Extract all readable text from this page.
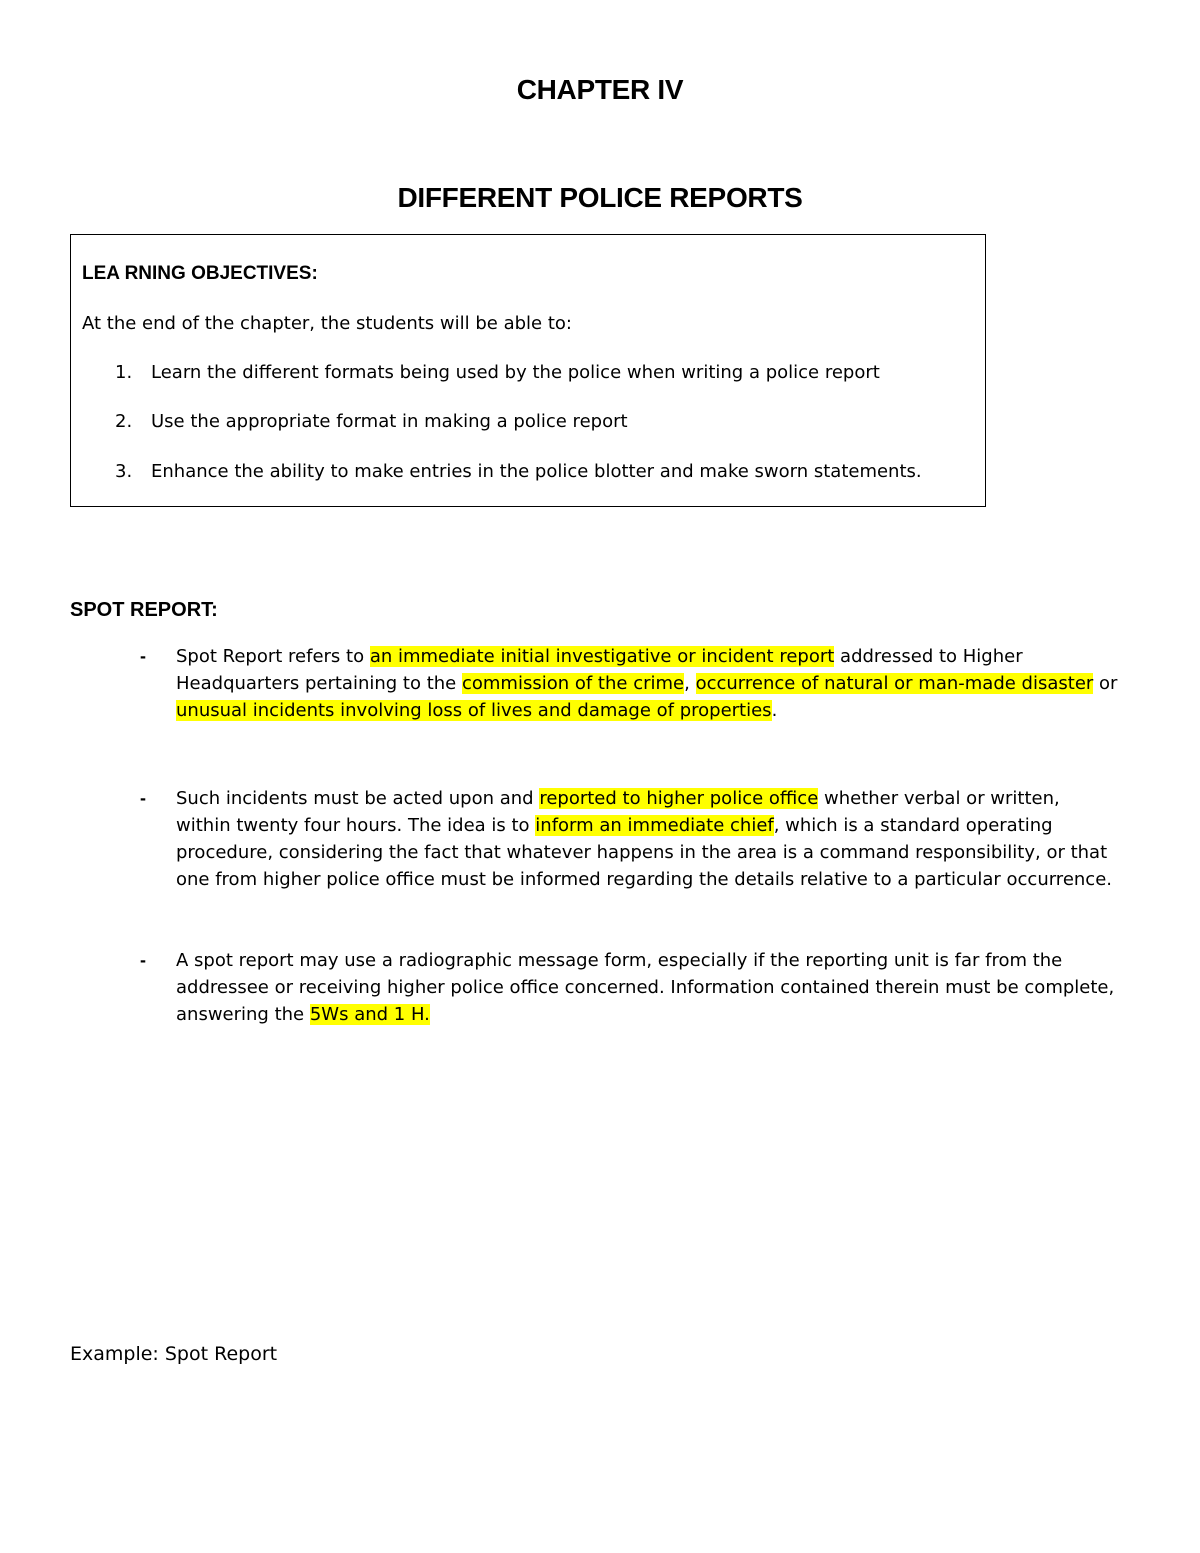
CHAPTER IV
DIFFERENT POLICE REPORTS
LEA RNING OBJECTIVES:
At the end of the chapter, the students will be able to:
1. Learn the different formats being used by the police when writing a police report
2. Use the appropriate format in making a police report
3. Enhance the ability to make entries in the police blotter and make sworn statements.
SPOT REPORT:
- Spot Report refers to an immediate initial investigative or incident report addressed to Higher Headquarters pertaining to the commission of the crime, occurrence of natural or man-made disaster or unusual incidents involving loss of lives and damage of properties.
- Such incidents must be acted upon and reported to higher police office whether verbal or written, within twenty four hours. The idea is to inform an immediate chief, which is a standard operating procedure, considering the fact that whatever happens in the area is a command responsibility, or that one from higher police office must be informed regarding the details relative to a particular occurrence.
- A spot report may use a radiographic message form, especially if the reporting unit is far from the addressee or receiving higher police office concerned. Information contained therein must be complete, answering the 5Ws and 1 H.
Example: Spot Report
